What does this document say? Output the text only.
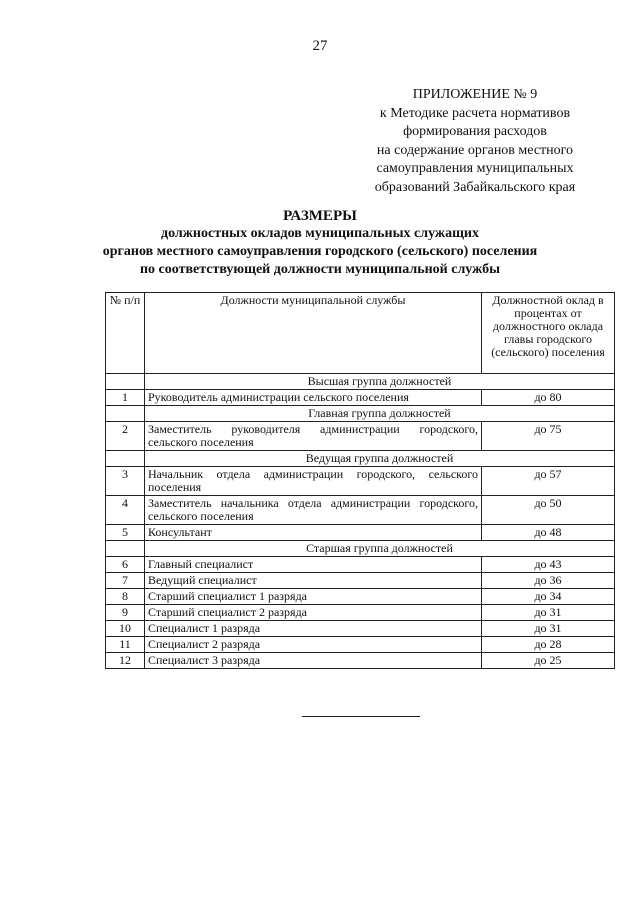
27
ПРИЛОЖЕНИЕ № 9
к Методике расчета нормативов
формирования расходов
на содержание органов местного
самоуправления муниципальных
образований Забайкальского края
РАЗМЕРЫ
должностных окладов муниципальных служащих
органов местного самоуправления городского (сельского) поселения
по соответствующей должности муниципальной службы
№ п/п	Должности муниципальной службы	Должностной оклад в процентах от должностного оклада главы городского (сельского) поселения
	Высшая группа должностей	
1	Руководитель администрации сельского поселения	до 80
	Главная группа должностей	
2	Заместитель руководителя администрации городского, сельского поселения	до 75
	Ведущая группа должностей	
3	Начальник отдела администрации городского, сельского поселения	до 57
4	Заместитель начальника отдела администрации городского, сельского поселения	до 50
5	Консультант	до 48
	Старшая группа должностей	
6	Главный специалист	до 43
7	Ведущий специалист	до 36
8	Старший специалист 1 разряда	до 34
9	Старший специалист 2 разряда	до 31
10	Специалист 1 разряда	до 31
11	Специалист 2 разряда	до 28
12	Специалист 3 разряда	до 25
